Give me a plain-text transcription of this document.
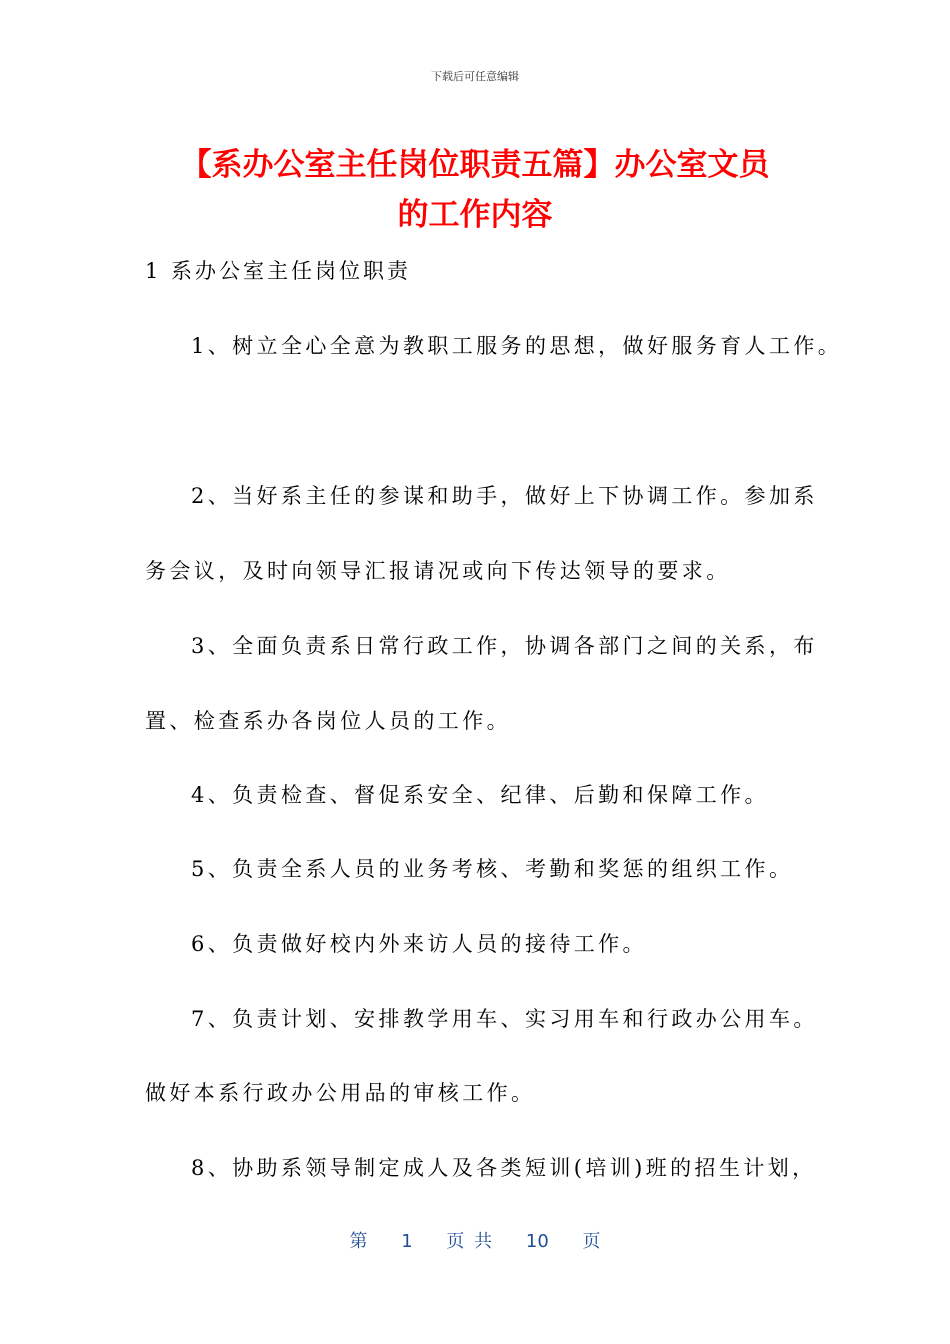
下载后可任意编辑
【系办公室主任岗位职责五篇】办公室文员
的工作内容
1 系办公室主任岗位职责
1、树立全心全意为教职工服务的思想，做好服务育人工作。
2、当好系主任的参谋和助手，做好上下协调工作。参加系
务会议，及时向领导汇报请况或向下传达领导的要求。
3、全面负责系日常行政工作，协调各部门之间的关系，布
置、检查系办各岗位人员的工作。
4、负责检查、督促系安全、纪律、后勤和保障工作。
5、负责全系人员的业务考核、考勤和奖惩的组织工作。
6、负责做好校内外来访人员的接待工作。
7、负责计划、安排教学用车、实习用车和行政办公用车。
做好本系行政办公用品的审核工作。
8、协助系领导制定成人及各类短训(培训)班的招生计划，
第 1 页 共 10 页
